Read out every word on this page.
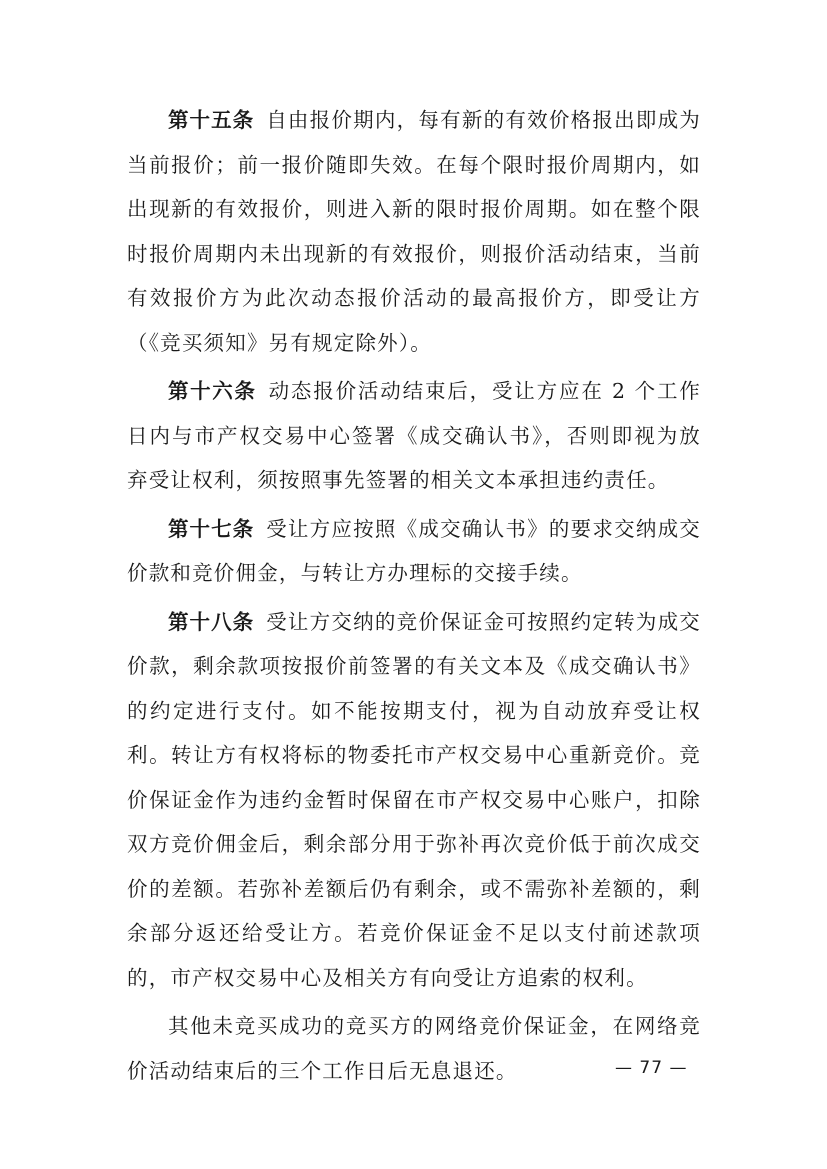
第十五条 自由报价期内，每有新的有效价格报出即成为当前报价；前一报价随即失效。在每个限时报价周期内，如出现新的有效报价，则进入新的限时报价周期。如在整个限时报价周期内未出现新的有效报价，则报价活动结束，当前有效报价方为此次动态报价活动的最高报价方，即受让方（《竞买须知》另有规定除外）。

第十六条 动态报价活动结束后，受让方应在 2 个工作日内与市产权交易中心签署《成交确认书》，否则即视为放弃受让权利，须按照事先签署的相关文本承担违约责任。

第十七条 受让方应按照《成交确认书》的要求交纳成交价款和竞价佣金，与转让方办理标的交接手续。

第十八条 受让方交纳的竞价保证金可按照约定转为成交价款，剩余款项按报价前签署的有关文本及《成交确认书》的约定进行支付。如不能按期支付，视为自动放弃受让权利。转让方有权将标的物委托市产权交易中心重新竞价。竞价保证金作为违约金暂时保留在市产权交易中心账户，扣除双方竞价佣金后，剩余部分用于弥补再次竞价低于前次成交价的差额。若弥补差额后仍有剩余，或不需弥补差额的，剩余部分返还给受让方。若竞价保证金不足以支付前述款项的，市产权交易中心及相关方有向受让方追索的权利。

其他未竞买成功的竞买方的网络竞价保证金，在网络竞价活动结束后的三个工作日后无息退还。	— 77 —
